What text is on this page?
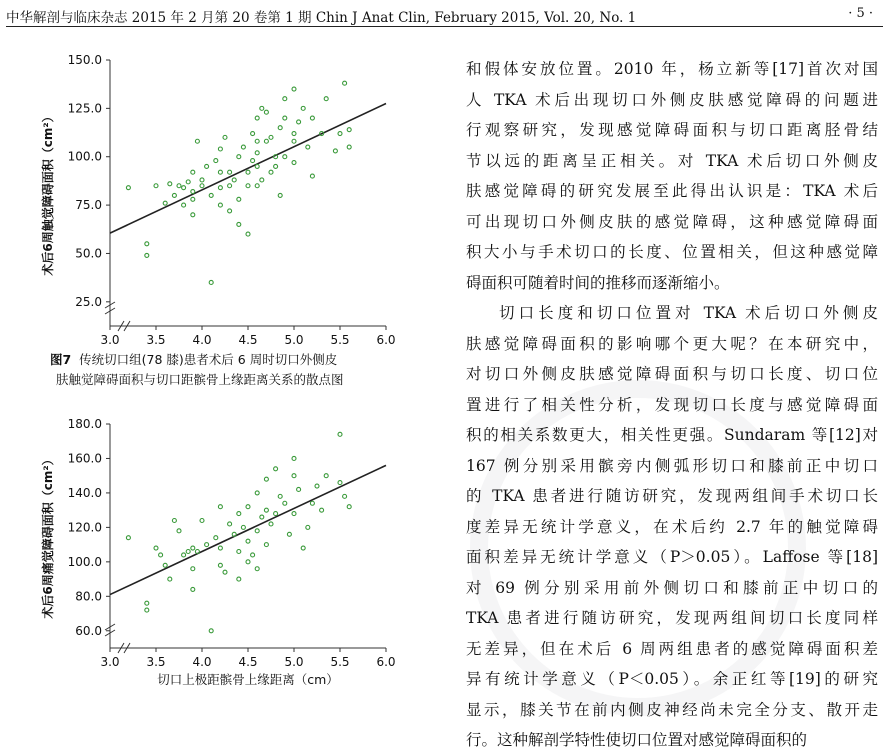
中华解剖与临床杂志 2015 年 2 月第 20 卷第 1 期 Chin J Anat Clin, February 2015, Vol. 20, No. 1	· 5 ·
3.0 3.5 4.0 4.5 5.0 5.5 6.0
25.0
50.0
75.0
100.0
125.0
150.0
术后6周触觉障碍面积（cm²）
图7 传统切口组(78 膝)患者术后 6 周时切口外侧皮
肤触觉障碍面积与切口距髌骨上缘距离关系的散点图
3.0 3.5 4.0 4.5 5.0 5.5 6.0
60.0
80.0
100.0
120.0
140.0
160.0
180.0
切口上极距髌骨上缘距离（cm）
术后6周痛觉障碍面积（cm²）
和假体安放位置。2010 年，杨立新等[17]首次对国
人 TKA 术后出现切口外侧皮肤感觉障碍的问题进
行观察研究，发现感觉障碍面积与切口距离胫骨结
节以远的距离呈正相关。对 TKA 术后切口外侧皮
肤感觉障碍的研究发展至此得出认识是：TKA 术后
可出现切口外侧皮肤的感觉障碍，这种感觉障碍面
积大小与手术切口的长度、位置相关，但这种感觉障
碍面积可随着时间的推移而逐渐缩小。
切口长度和切口位置对 TKA 术后切口外侧皮
肤感觉障碍面积的影响哪个更大呢？在本研究中，
对切口外侧皮肤感觉障碍面积与切口长度、切口位
置进行了相关性分析，发现切口长度与感觉障碍面
积的相关系数更大，相关性更强。Sundaram 等[12]对
167 例分别采用髌旁内侧弧形切口和膝前正中切口
的 TKA 患者进行随访研究，发现两组间手术切口长
度差异无统计学意义，在术后约 2.7 年的触觉障碍
面积差异无统计学意义（P＞0.05）。Laffose 等[18]
对 69 例分别采用前外侧切口和膝前正中切口的
TKA 患者进行随访研究，发现两组间切口长度同样
无差异，但在术后 6 周两组患者的感觉障碍面积差
异有统计学意义（P＜0.05）。余正红等[19]的研究
显示，膝关节在前内侧皮神经尚未完全分支、散开走
行。这种解剖学特性使切口位置对感觉障碍面积的
